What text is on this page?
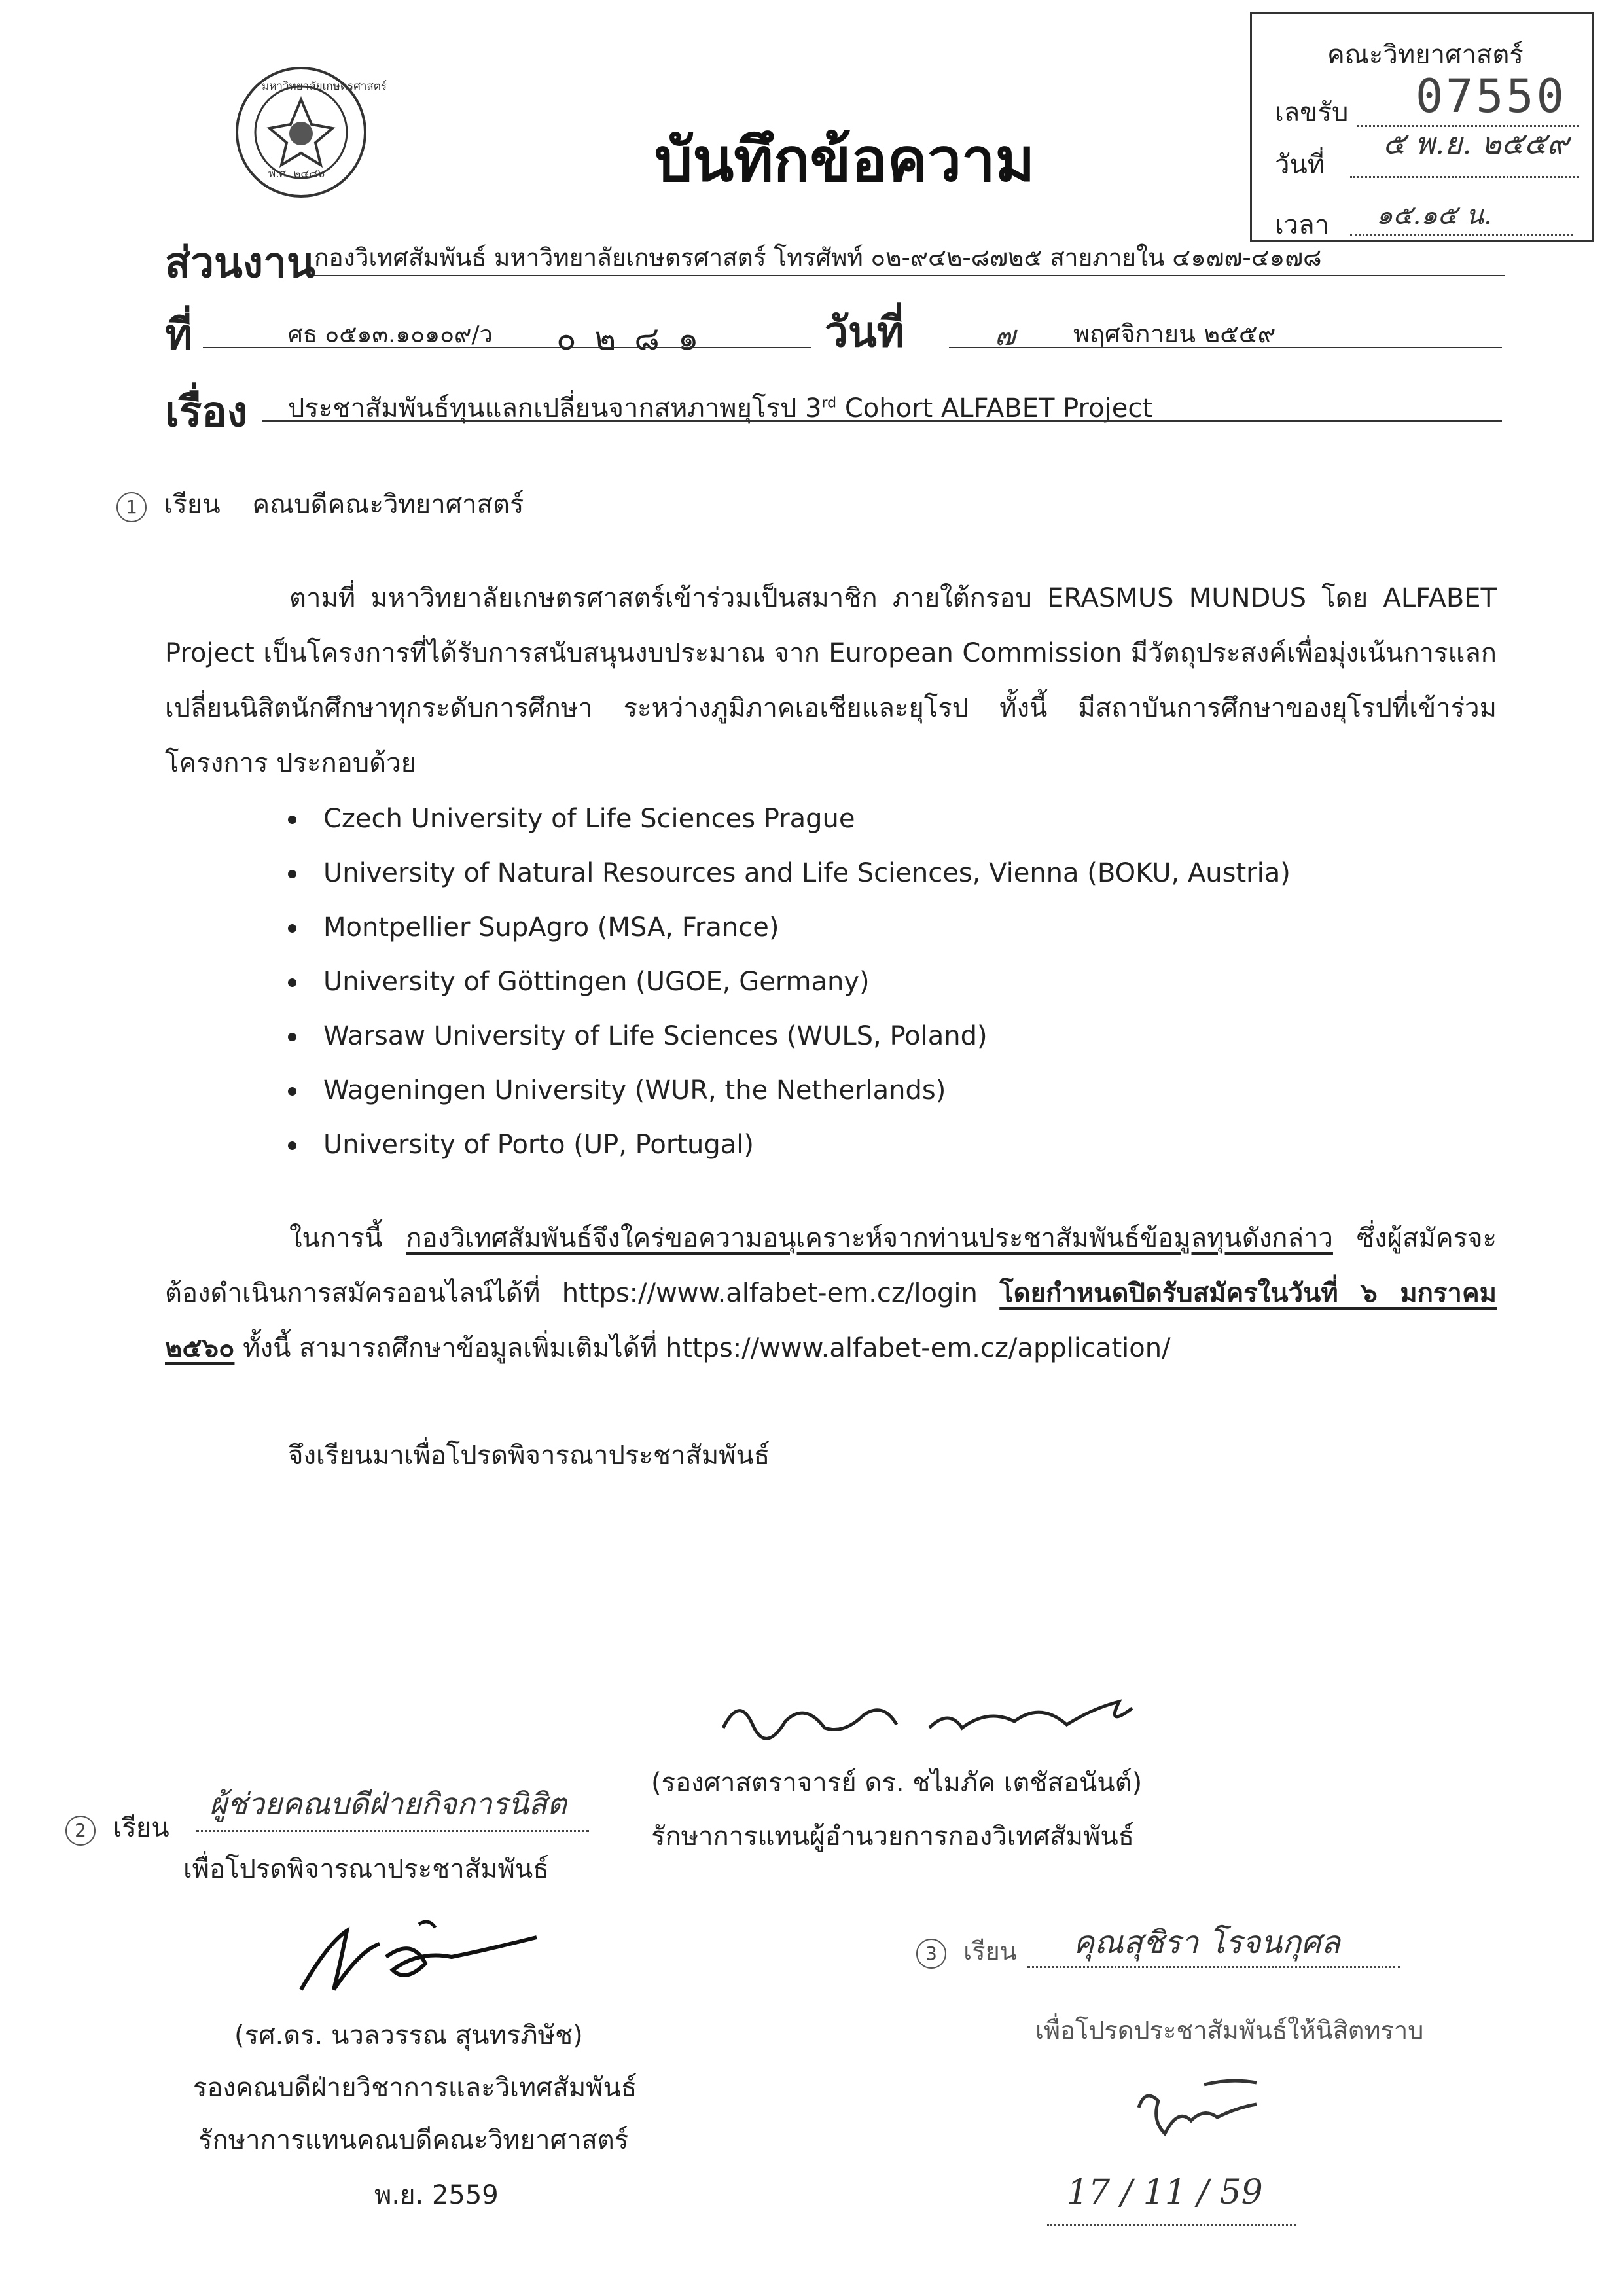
มหาวิทยาลัยเกษตรศาสตร์
พ.ศ. ๒๔๘๖	บันทึกข้อความ
คณะวิทยาศาสตร์
เลขรับ 07550
วันที่
๕ พ.ย. ๒๕๕๙
เวลา ๑๕.๑๕ น.
ส่วนงาน
กองวิเทศสัมพันธ์ มหาวิทยาลัยเกษตรศาสตร์ โทรศัพท์ ๐๒-๙๔๒-๘๗๒๕ สายภายใน ๔๑๗๗-๔๑๗๘
ที่	ศธ ๐๕๑๓.๑๐๑๐๙/ว ๐ ๒ ๘ ๑	วันที่	๗ พฤศจิกายน ๒๕๕๙
เรื่อง ประชาสัมพันธ์ทุนแลกเปลี่ยนจากสหภาพยุโรป 3rd Cohort ALFABET Project
1 เรียน คณบดีคณะวิทยาศาสตร์
ตามที่ มหาวิทยาลัยเกษตรศาสตร์เข้าร่วมเป็นสมาชิก ภายใต้กรอบ ERASMUS MUNDUS โดย ALFABET Project เป็นโครงการที่ได้รับการสนับสนุนงบประมาณ จาก European Commission มีวัตถุประสงค์เพื่อมุ่งเน้นการแลกเปลี่ยนนิสิตนักศึกษาทุกระดับการศึกษา ระหว่างภูมิภาคเอเชียและยุโรป ทั้งนี้ มีสถาบันการศึกษาของยุโรปที่เข้าร่วมโครงการ ประกอบด้วย
Czech University of Life Sciences Prague
University of Natural Resources and Life Sciences, Vienna (BOKU, Austria)
Montpellier SupAgro (MSA, France)
University of Göttingen (UGOE, Germany)
Warsaw University of Life Sciences (WULS, Poland)
Wageningen University (WUR, the Netherlands)
University of Porto (UP, Portugal)
ในการนี้ กองวิเทศสัมพันธ์จึงใคร่ขอความอนุเคราะห์จากท่านประชาสัมพันธ์ข้อมูลทุนดังกล่าว ซึ่งผู้สมัครจะต้องดำเนินการสมัครออนไลน์ได้ที่ https://www.alfabet-em.cz/login โดยกำหนดปิดรับสมัครในวันที่ ๖ มกราคม ๒๕๖๐ ทั้งนี้ สามารถศึกษาข้อมูลเพิ่มเติมได้ที่ https://www.alfabet-em.cz/application/
จึงเรียนมาเพื่อโปรดพิจารณาประชาสัมพันธ์
(รองศาสตราจารย์ ดร. ชไมภัค เตชัสอนันต์)
รักษาการแทนผู้อำนวยการกองวิเทศสัมพันธ์
2 เรียน
ผู้ช่วยคณบดีฝ่ายกิจการนิสิต
เพื่อโปรดพิจารณาประชาสัมพันธ์
(รศ.ดร. นวลวรรณ สุนทรภิษัช)
รองคณบดีฝ่ายวิชาการและวิเทศสัมพันธ์
รักษาการแทนคณบดีคณะวิทยาศาสตร์
พ.ย. 2559
3 เรียน คุณสุชิรา โรจนกุศล
เพื่อโปรดประชาสัมพันธ์ให้นิสิตทราบ
17 / 11 / 59
